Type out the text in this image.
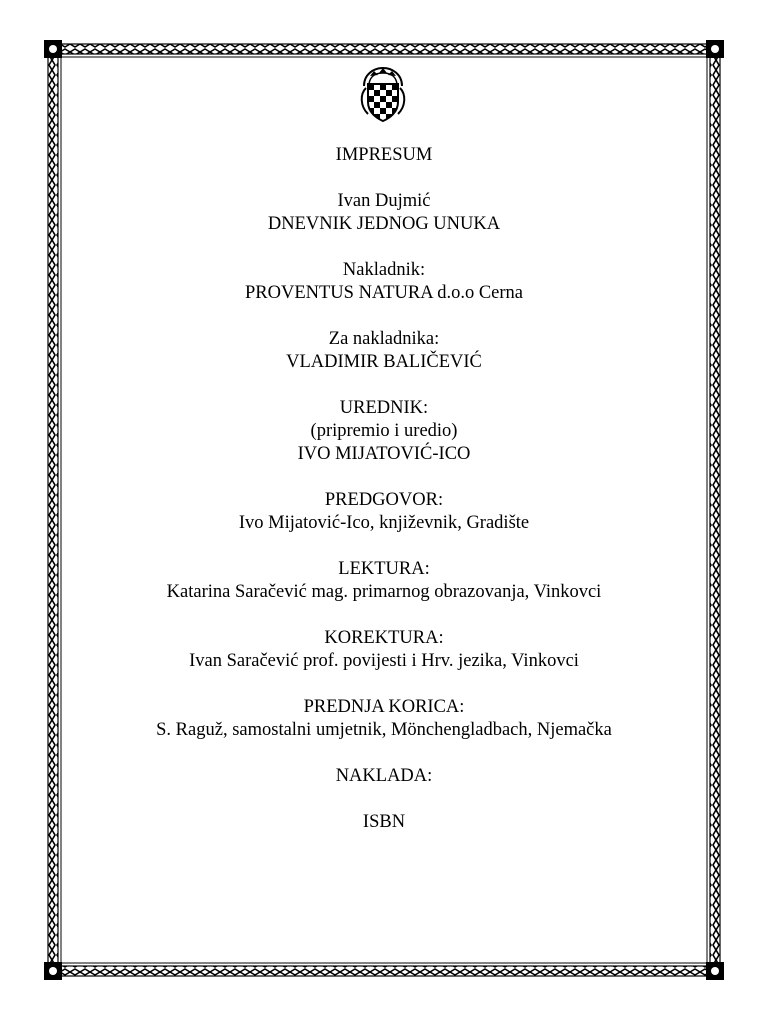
IMPRESUM

Ivan Dujmić

DNEVNIK JEDNOG UNUKA

Nakladnik:

PROVENTUS NATURA d.o.o Cerna

Za nakladnika:

VLADIMIR BALIČEVIĆ

UREDNIK:

(pripremio i uredio)

IVO MIJATOVIĆ-ICO

PREDGOVOR:

Ivo Mijatović-Ico, književnik, Gradište

LEKTURA:

Katarina Saračević mag. primarnog obrazovanja, Vinkovci

KOREKTURA:

Ivan Saračević prof. povijesti i Hrv. jezika, Vinkovci

PREDNJA KORICA:

S. Raguž, samostalni umjetnik, Mönchengladbach, Njemačka

NAKLADA:

ISBN
